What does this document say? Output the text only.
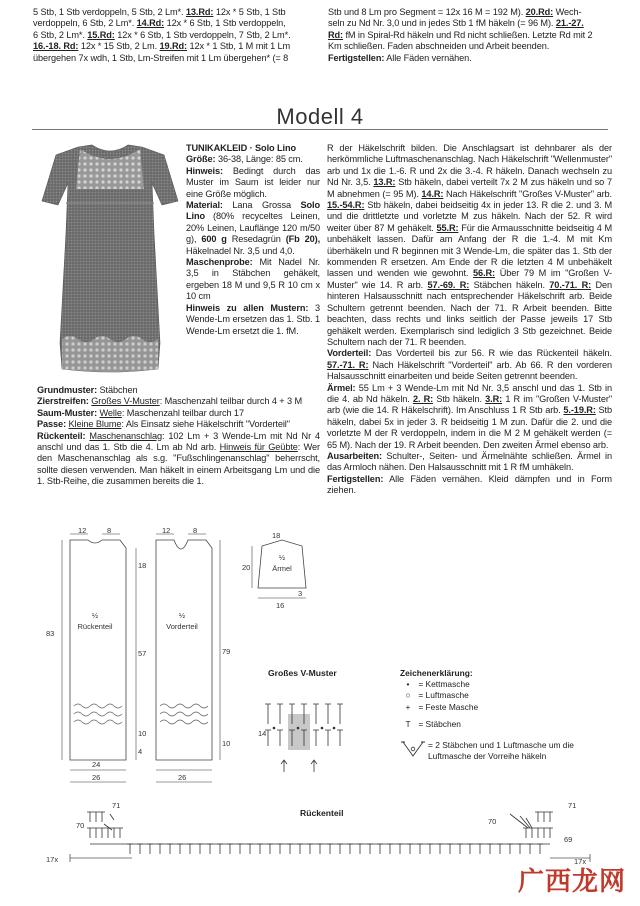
5 Stb, 1 Stb verdoppeln, 5 Stb, 2 Lm*. 13.Rd: 12x * 5 Stb, 1 Stb
verdoppeln, 6 Stb, 2 Lm*. 14.Rd: 12x * 6 Stb, 1 Stb verdoppeln,
6 Stb, 2 Lm*. 15.Rd: 12x * 6 Stb, 1 Stb verdoppeln, 7 Stb, 2 Lm*.
16.-18. Rd: 12x * 15 Stb, 2 Lm. 19.Rd: 12x * 1 Stb, 1 M mit 1 Lm
übergehen 7x wdh, 1 Stb, Lm-Streifen mit 1 Lm übergehen* (= 8
Stb und 8 Lm pro Segment = 12x 16 M = 192 M). 20.Rd: Wech-
seln zu Nd Nr. 3,0 und in jedes Stb 1 fM häkeln (= 96 M). 21.-27.
Rd: fM in Spiral-Rd häkeln und Rd nicht schließen. Letzte Rd mit 2
Km schließen. Faden abschneiden und Arbeit beenden.
Fertigstellen: Alle Fäden vernähen.
Modell 4
TUNIKAKLEID · Solo Lino
Größe: 36-38, Länge: 85 cm.
Hinweis: Bedingt durch das Muster im Saum ist leider nur eine Größe möglich.
Material: Lana Grossa Solo Lino (80% recyceltes Leinen, 20% Leinen, Lauflänge 120 m/50 g), 600 g Resedagrün (Fb 20), Häkelnadel Nr. 3,5 und 4,0.
Maschenprobe: Mit Nadel Nr. 3,5 in Stäbchen gehäkelt, ergeben 18 M und 9,5 R 10 cm x 10 cm
Hinweis zu allen Mustern: 3 Wende-Lm ersetzen das 1. Stb. 1 Wende-Lm ersetzt die 1. fM.
Grundmuster: Stäbchen
Zierstreifen: Großes V-Muster: Maschenzahl teilbar durch 4 + 3 M
Saum-Muster: Welle: Maschenzahl teilbar durch 17
Passe: Kleine Blume: Als Einsatz siehe Häkelschrift "Vorderteil"
Rückenteil: Maschenanschlag: 102 Lm + 3 Wende-Lm mit Nd Nr 4 anschl und das 1. Stb die 4. Lm ab Nd arb. Hinweis für Geübte: Wer den Maschenanschlag als s.g. "Fußschlingenanschlag" beherrscht, sollte diesen verwenden. Man häkelt in einem Arbeitsgang Lm und die 1. Stb-Reihe, die zusammen bereits die 1.
R der Häkelschrift bilden. Die Anschlagsart ist dehnbarer als der herkömmliche Luftmaschenanschlag. Nach Häkelschrift "Wellenmuster" arb und 1x die 1.-6. R und 2x die 3.-4. R häkeln. Danach wechseln zu Nd Nr. 3,5. 13.R: Stb häkeln, dabei verteilt 7x 2 M zus häkeln und so 7 M abnehmen (= 95 M). 14.R: Nach Häkelschrift "Großes V-Muster" arb. 15.-54.R: Stb häkeln, dabei beidseitig 4x in jeder 13. R die 2. und 3. M und die drittletzte und vorletzte M zus häkeln. Nach der 52. R wird weiter über 87 M gehäkelt. 55.R: Für die Armausschnitte beidseitig 4 M unbehäkelt lassen. Dafür am Anfang der R die 1.-4. M mit Km überhäkeln und R beginnen mit 3 Wende-Lm, die später das 1. Stb der kommenden R ersetzen. Am Ende der R die letzten 4 M unbehäkelt lassen und wenden wie gewohnt. 56.R: Über 79 M im "Großen V-Muster" wie 14. R arb. 57.-69. R: Stäbchen häkeln. 70.-71. R: Den hinteren Halsausschnitt nach entsprechender Häkelschrift arb. Beide Schultern getrennt beenden. Nach der 71. R Arbeit beenden. Bitte beachten, dass rechts und links seitlich der Passe jeweils 17 Stb gehäkelt werden. Exemplarisch sind lediglich 3 Stb gezeichnet. Beide Schultern nach der 71. R beenden.
Vorderteil: Das Vorderteil bis zur 56. R wie das Rückenteil häkeln. 57.-71. R: Nach Häkelschrift "Vorderteil" arb. Ab 66. R den vorderen Halsausschnitt einarbeiten und beide Seiten getrennt beenden.
Ärmel: 55 Lm + 3 Wende-Lm mit Nd Nr. 3,5 anschl und das 1. Stb in die 4. ab Nd häkeln. 2. R: Stb häkeln. 3.R: 1 R im "Großen V-Muster" arb (wie die 14. R Häkelschrift). Im Anschluss 1 R Stb arb. 5.-19.R: Stb häkeln, dabei 5x in jeder 3. R beidseitig 1 M zun. Dafür die 2. und die vorletzte M der R verdoppeln, indem in die M 2 M gehäkelt werden (= 65 M). Nach der 19. R Arbeit beenden. Den zweiten Ärmel ebenso arb.
Ausarbeiten: Schulter-, Seiten- und Ärmelnähte schließen. Ärmel in das Armloch nähen. Den Halsausschnitt mit 1 R fM umhäkeln.
Fertigstellen: Alle Fäden vernähen. Kleid dämpfen und in Form ziehen.
12	8	12	8
18
83
57
10
4
24
26	26
79
10
18
20
3
16
½
Rückenteil
½
Vorderteil
½
Ärmel
Großes V-Muster
14
Zeichenerklärung:
• = Kettmasche
○ = Luftmasche
+ = Feste Masche
T = Stäbchen
= 2 Stäbchen und 1 Luftmasche um die
Luftmasche der Vorreihe häkeln
Rückenteil
71
70
71
70
69
17x	17x
广西龙网
